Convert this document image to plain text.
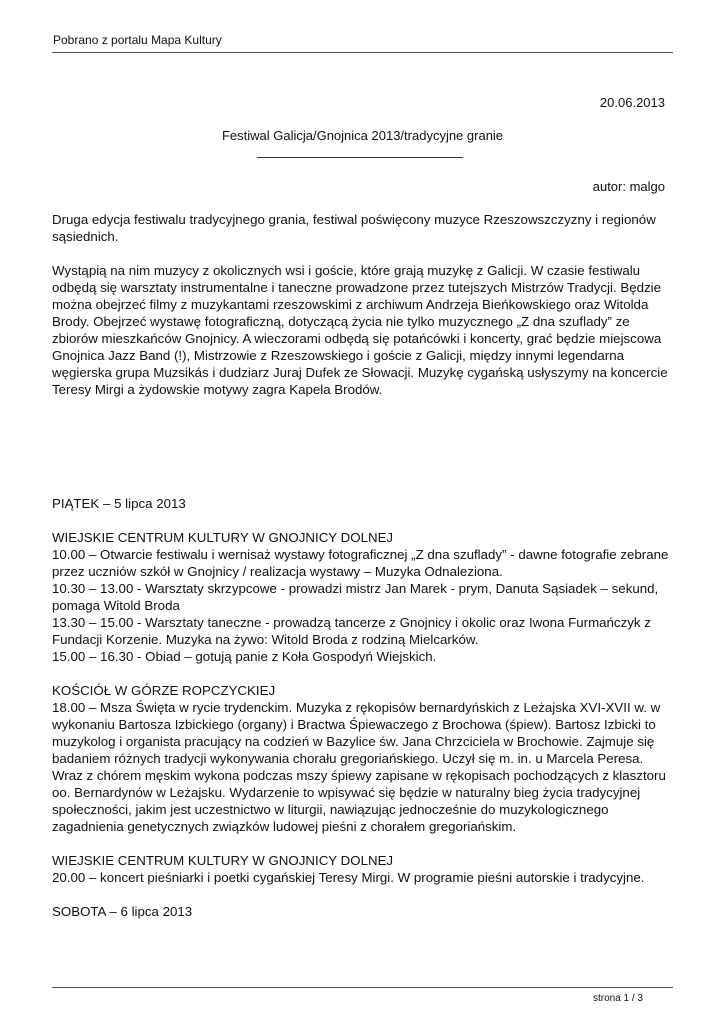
Pobrano z portalu Mapa Kultury
20.06.2013
Festiwal Galicja/Gnojnica 2013/tradycyjne granie
autor: malgo

Druga edycja festiwalu tradycyjnego grania, festiwal poświęcony muzyce Rzeszowszczyzny i regionów sąsiednich.

Wystąpią na nim muzycy z okolicznych wsi i goście, które grają muzykę z Galicji. W czasie festiwalu odbędą się warsztaty instrumentalne i taneczne prowadzone przez tutejszych Mistrzów Tradycji. Będzie można obejrzeć filmy z muzykantami rzeszowskimi z archiwum Andrzeja Bieńkowskiego oraz Witolda Brody. Obejrzeć wystawę fotograficzną, dotyczącą życia nie tylko muzycznego „Z dna szuflady” ze zbiorów mieszkańców Gnojnicy. A wieczorami odbędą się potańcówki i koncerty, grać będzie miejscowa Gnojnica Jazz Band (!), Mistrzowie z Rzeszowskiego i goście z Galicji, między innymi legendarna węgierska grupa Muzsikás i dudziarz Juraj Dufek ze Słowacji. Muzykę cygańską usłyszymy na koncercie Teresy Mirgi a żydowskie motywy zagra Kapela Brodów.

PIĄTEK – 5 lipca 2013

WIEJSKIE CENTRUM KULTURY W GNOJNICY DOLNEJ

10.00 – Otwarcie festiwalu i wernisaż wystawy fotograficznej „Z dna szuflady” - dawne fotografie zebrane przez uczniów szkół w Gnojnicy / realizacja wystawy – Muzyka Odnaleziona.

10.30 – 13.00 - Warsztaty skrzypcowe - prowadzi mistrz Jan Marek - prym, Danuta Sąsiadek – sekund, pomaga Witold Broda

13.30 – 15.00 - Warsztaty taneczne - prowadzą tancerze z Gnojnicy i okolic oraz Iwona Furmańczyk z Fundacji Korzenie. Muzyka na żywo: Witold Broda z rodziną Mielcarków.

15.00 – 16.30 - Obiad – gotują panie z Koła Gospodyń Wiejskich.

KOŚCIÓŁ W GÓRZE ROPCZYCKIEJ

18.00 – Msza Święta w rycie trydenckim. Muzyka z rękopisów bernardyńskich z Leżajska XVI-XVII w. w wykonaniu Bartosza Izbickiego (organy) i Bractwa Śpiewaczego z Brochowa (śpiew). Bartosz Izbicki to muzykolog i organista pracujący na codzień w Bazylice św. Jana Chrzciciela w Brochowie. Zajmuje się badaniem różnych tradycji wykonywania chorału gregoriańskiego. Uczył się m. in. u Marcela Peresa. Wraz z chórem męskim wykona podczas mszy śpiewy zapisane w rękopisach pochodzących z klasztoru oo. Bernardynów w Leżajsku. Wydarzenie to wpisywać się będzie w naturalny bieg życia tradycyjnej społeczności, jakim jest uczestnictwo w liturgii, nawiązując jednocześnie do muzykologicznego zagadnienia genetycznych związków ludowej pieśni z chorałem gregoriańskim.

WIEJSKIE CENTRUM KULTURY W GNOJNICY DOLNEJ

20.00 – koncert pieśniarki i poetki cygańskiej Teresy Mirgi. W programie pieśni autorskie i tradycyjne.

SOBOTA – 6 lipca 2013

strona 1 / 3
